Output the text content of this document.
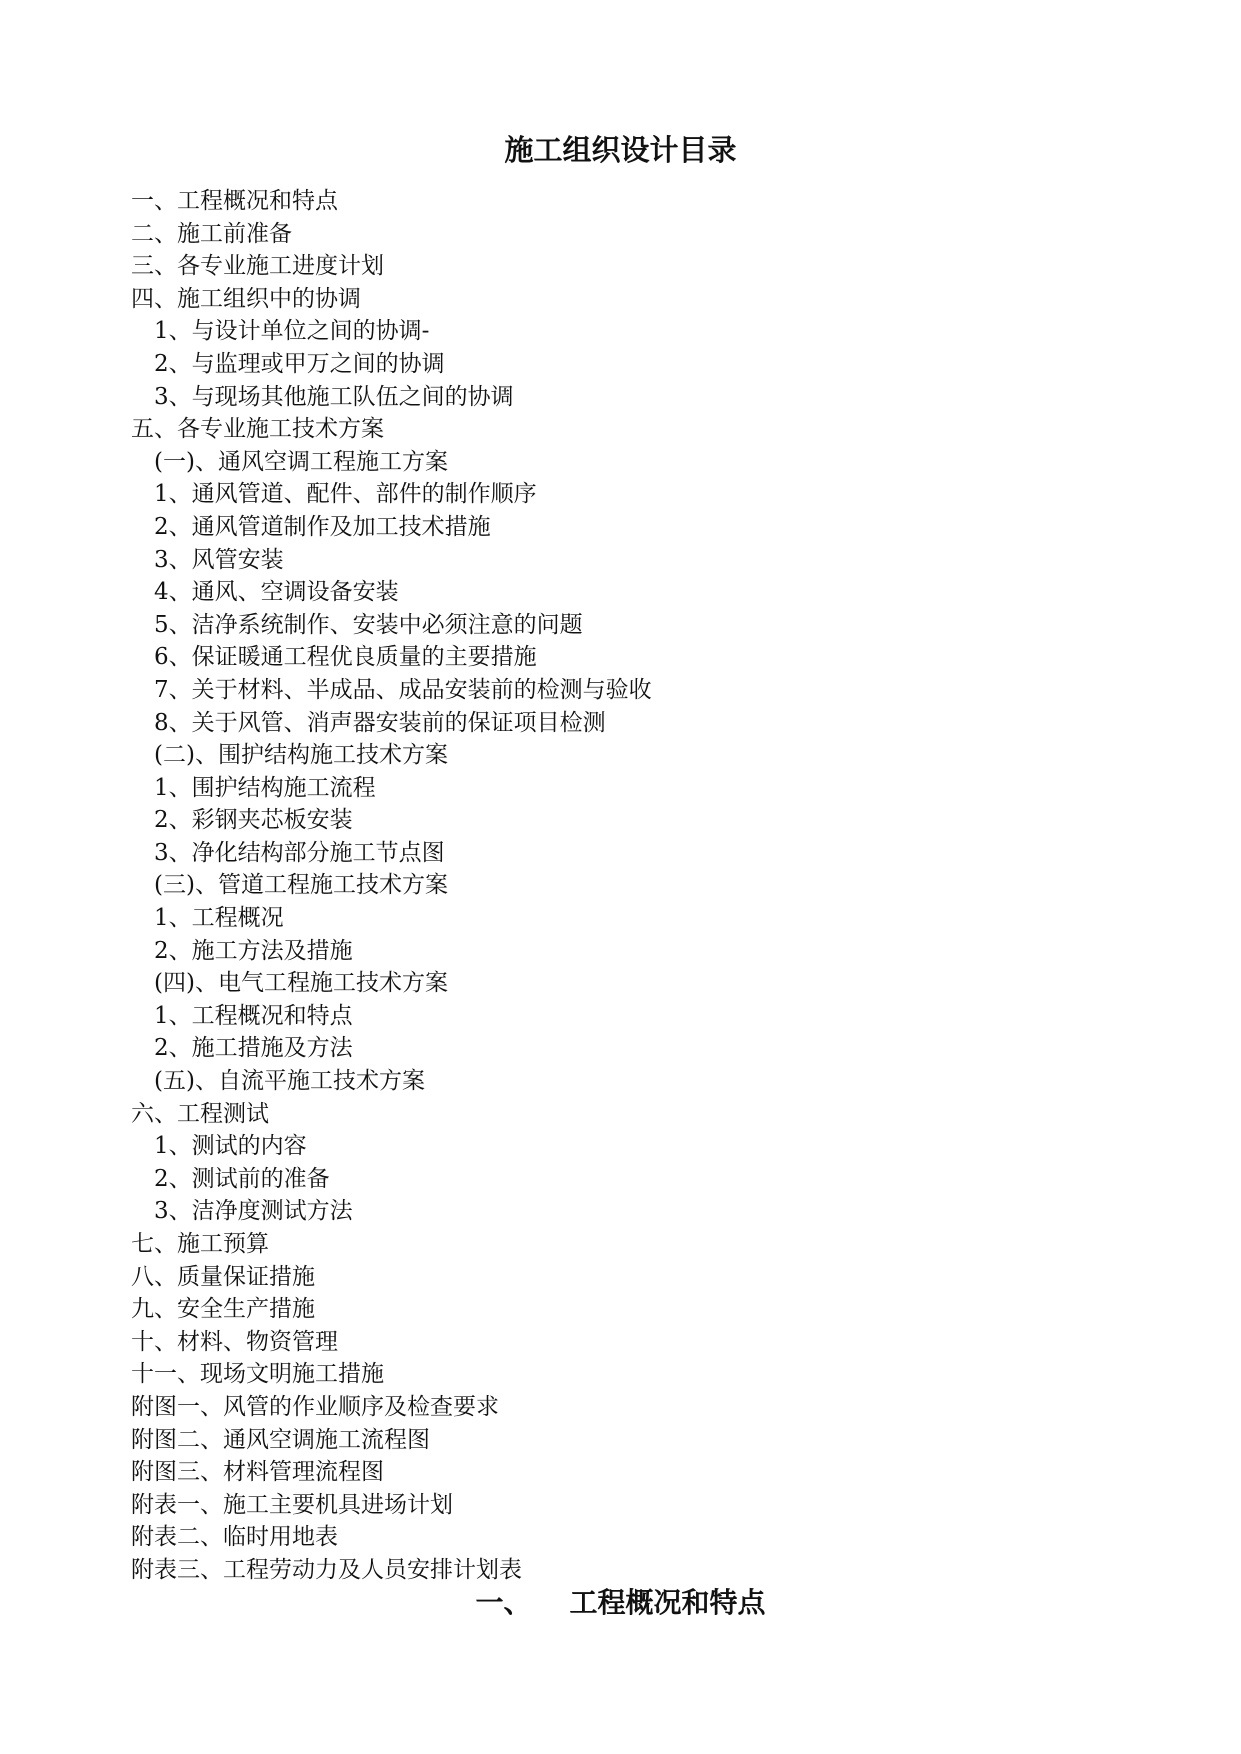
施工组织设计目录
一、工程概况和特点
二、施工前准备
三、各专业施工进度计划
四、施工组织中的协调
1、与设计单位之间的协调-
2、与监理或甲万之间的协调
3、与现场其他施工队伍之间的协调
五、各专业施工技术方案
(一)、通风空调工程施工方案
1、通风管道、配件、部件的制作顺序
2、通风管道制作及加工技术措施
3、风管安装
4、通风、空调设备安装
5、洁净系统制作、安装中必须注意的问题
6、保证暖通工程优良质量的主要措施
7、关于材料、半成品、成品安装前的检测与验收
8、关于风管、消声器安装前的保证项目检测
(二)、围护结构施工技术方案
1、围护结构施工流程
2、彩钢夹芯板安装
3、净化结构部分施工节点图
(三)、管道工程施工技术方案
1、工程概况
2、施工方法及措施
(四)、电气工程施工技术方案
1、工程概况和特点
2、施工措施及方法
(五)、自流平施工技术方案
六、工程测试
1、测试的内容
2、测试前的准备
3、洁净度测试方法
七、施工预算
八、质量保证措施
九、安全生产措施
十、材料、物资管理
十一、现场文明施工措施
附图一、风管的作业顺序及检查要求
附图二、通风空调施工流程图
附图三、材料管理流程图
附表一、施工主要机具进场计划
附表二、临时用地表
附表三、工程劳动力及人员安排计划表
一、 工程概况和特点
